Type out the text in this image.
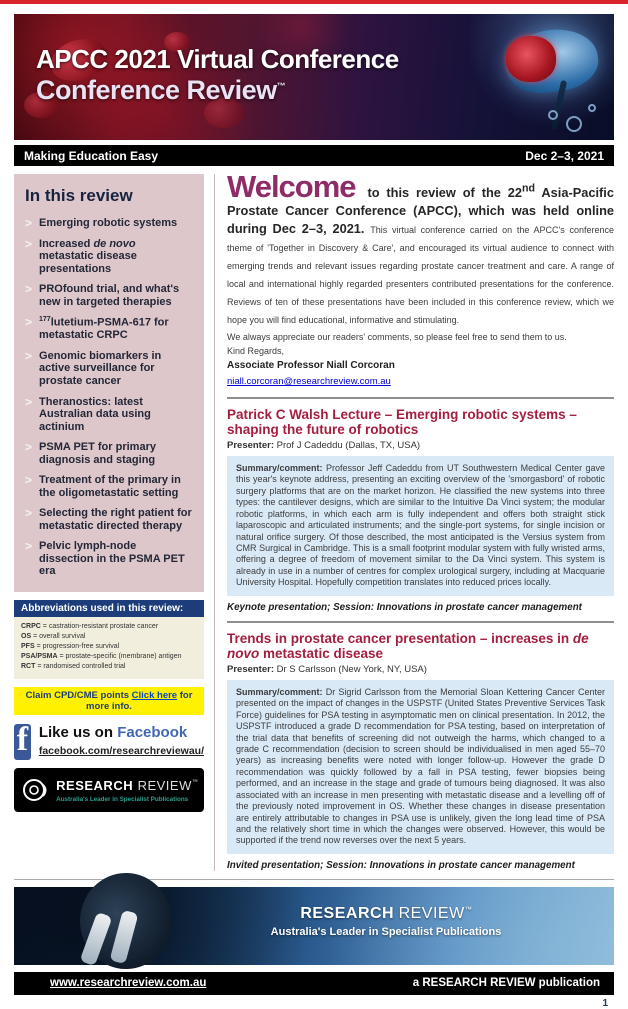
APCC 2021 Virtual Conference
Conference Review™
Making Education Easy	Dec 2–3, 2021
In this review
> Emerging robotic systems
> Increased de novo metastatic disease presentations
> PROfound trial, and what's new in targeted therapies
> $^{177}$lutetium-PSMA-617 for metastatic CRPC
> Genomic biomarkers in active surveillance for prostate cancer
> Theranostics: latest Australian data using actinium
> PSMA PET for primary diagnosis and staging
> Treatment of the primary in the oligometastatic setting
> Selecting the right patient for metastatic directed therapy
> Pelvic lymph-node dissection in the PSMA PET era
Abbreviations used in this review:
CRPC = castration-resistant prostate cancer
OS = overall survival
PFS = progression-free survival
PSA/PSMA = prostate-specific (membrane) antigen
RCT = randomised controlled trial
Claim CPD/CME points Click here for more info.
f Like us on Facebook
facebook.com/researchreviewau/
RESEARCH REVIEW™
Australia's Leader in Specialist Publications

Welcome to this review of the 22nd Asia-Pacific Prostate Cancer Conference (APCC), which was held online during Dec 2–3, 2021. This virtual conference carried on the APCC's conference theme of 'Together in Discovery & Care', and encouraged its virtual audience to connect with emerging trends and relevant issues regarding prostate cancer treatment and care. A range of local and international highly regarded presenters contributed presentations for the conference. Reviews of ten of these presentations have been included in this conference review, which we hope you will find educational, informative and stimulating.

We always appreciate our readers' comments, so please feel free to send them to us.

Kind Regards,

Associate Professor Niall Corcoran

niall.corcoran@researchreview.com.au
Patrick C Walsh Lecture – Emerging robotic systems – shaping the future of robotics

Presenter: Prof J Cadeddu (Dallas, TX, USA)

Summary/comment: Professor Jeff Cadeddu from UT Southwestern Medical Center gave this year's keynote address, presenting an exciting overview of the 'smorgasbord' of robotic surgery platforms that are on the market horizon. He classified the new systems into three types: the cantilever designs, which are similar to the Intuitive Da Vinci system; the modular robotic platforms, in which each arm is fully independent and offers both straight stick laparoscopic and articulated instruments; and the single-port systems, for single incision or natural orifice surgery. Of those described, the most anticipated is the Versius system from CMR Surgical in Cambridge. This is a small footprint modular system with fully wristed arms, offering a degree of freedom of movement similar to the Da Vinci system. This system is already in use in a number of centres for complex urological surgery, including at Macquarie University Hospital. Hopefully competition translates into reduced prices locally.

Keynote presentation; Session: Innovations in prostate cancer management

Trends in prostate cancer presentation – increases in de novo metastatic disease

Presenter: Dr S Carlsson (New York, NY, USA)

Summary/comment: Dr Sigrid Carlsson from the Memorial Sloan Kettering Cancer Center presented on the impact of changes in the USPSTF (United States Preventive Services Task Force) guidelines for PSA testing in asymptomatic men on clinical presentation. In 2012, the USPSTF introduced a grade D recommendation for PSA testing, based on interpretation of the trial data that benefits of screening did not outweigh the harms, which changed to a grade C recommendation (decision to screen should be individualised in men aged 55–70 years) as increasing benefits were noted with longer follow-up. However the grade D recommendation was quickly followed by a fall in PSA testing, fewer biopsies being performed, and an increase in the stage and grade of tumours being diagnosed. It was also associated with an increase in men presenting with metastatic disease and a levelling off of the previously noted improvement in OS. Whether these changes in disease presentation are entirely attributable to changes in PSA use is unlikely, given the long lead time of PSA and the relatively short time in which the changes were observed. However, this would be supported if the trend now reverses over the next 5 years.

Invited presentation; Session: Innovations in prostate cancer management

RESEARCH REVIEW™
Australia's Leader in Specialist Publications
www.researchreview.com.au	a RESEARCH REVIEW publication
1
